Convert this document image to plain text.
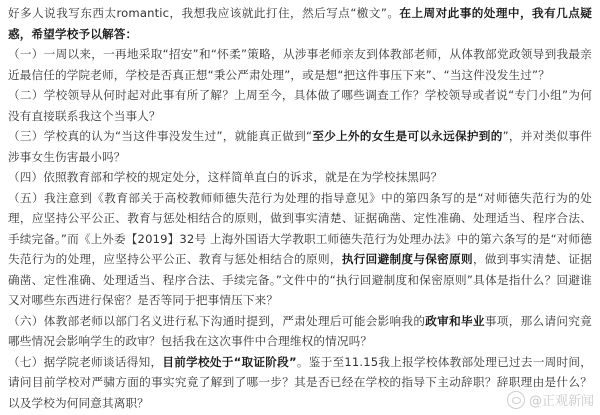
好多人说我写东西太romantic，我想我应该就此打住，然后写点“檄文”。在上周对此事的处理中，我有几点疑惑，希望学校予以解答：

（一）一周以来，一再地采取“招安”和“怀柔”策略，从涉事老师亲友到体教部老师，从体教部党政领导到我最亲近最信任的学院老师，学校是否真正想“秉公严肃处理”，或是想“把这件事压下来”、“当这件没发生过”？

（二）学校领导从何时起对此事有所了解？上周至今，具体做了哪些调查工作？学校领导或者说“专门小组”为何没有直接联系我这个当事人？

（三）学校真的认为“当这件事没发生过”，就能真正做到“至少上外的女生是可以永远保护到的”，并对类似事件涉事女生伤害最小吗？

（四）依照教育部和学校的规定处分，这样简单直白的诉求，就是在为学校抹黑吗？

（五）我注意到《教育部关于高校教师师德失范行为处理的指导意见》中的第四条写的是“对师德失范行为的处理，应坚持公平公正、教育与惩处相结合的原则，做到事实清楚、证据确凿、定性准确、处理适当、程序合法、手续完备。”而《上外委【2019】32号 上海外国语大学教职工师德失范行为处理办法》中的第六条写的是“对师德失范行为的处理，应坚持公平公正、教育与惩处相结合的原则，执行回避制度与保密原则，做到事实清楚、证据确凿、定性准确、处理适当、程序合法、手续完备。”文件中的“执行回避制度和保密原则”具体是指什么？回避谁又对哪些东西进行保密？是否等同于把事情压下来？

（六）体教部老师以部门名义进行私下沟通时提到，严肃处理后可能会影响我的政审和毕业事项，那么请问究竟哪些情况会影响学生的政审？包括我在这次事件中合理维权的情况吗？

（七）据学院老师谈话得知，目前学校处于“取证阶段”。鉴于至11.15我上报学校体教部处理已过去一周时间，请问目前学校对严骕方面的事实究竟了解到了哪一步？其是否已经在学校的指导下主动辞职？辞职理由是什么？以及学校为何同意其离职？	@正观新闻
